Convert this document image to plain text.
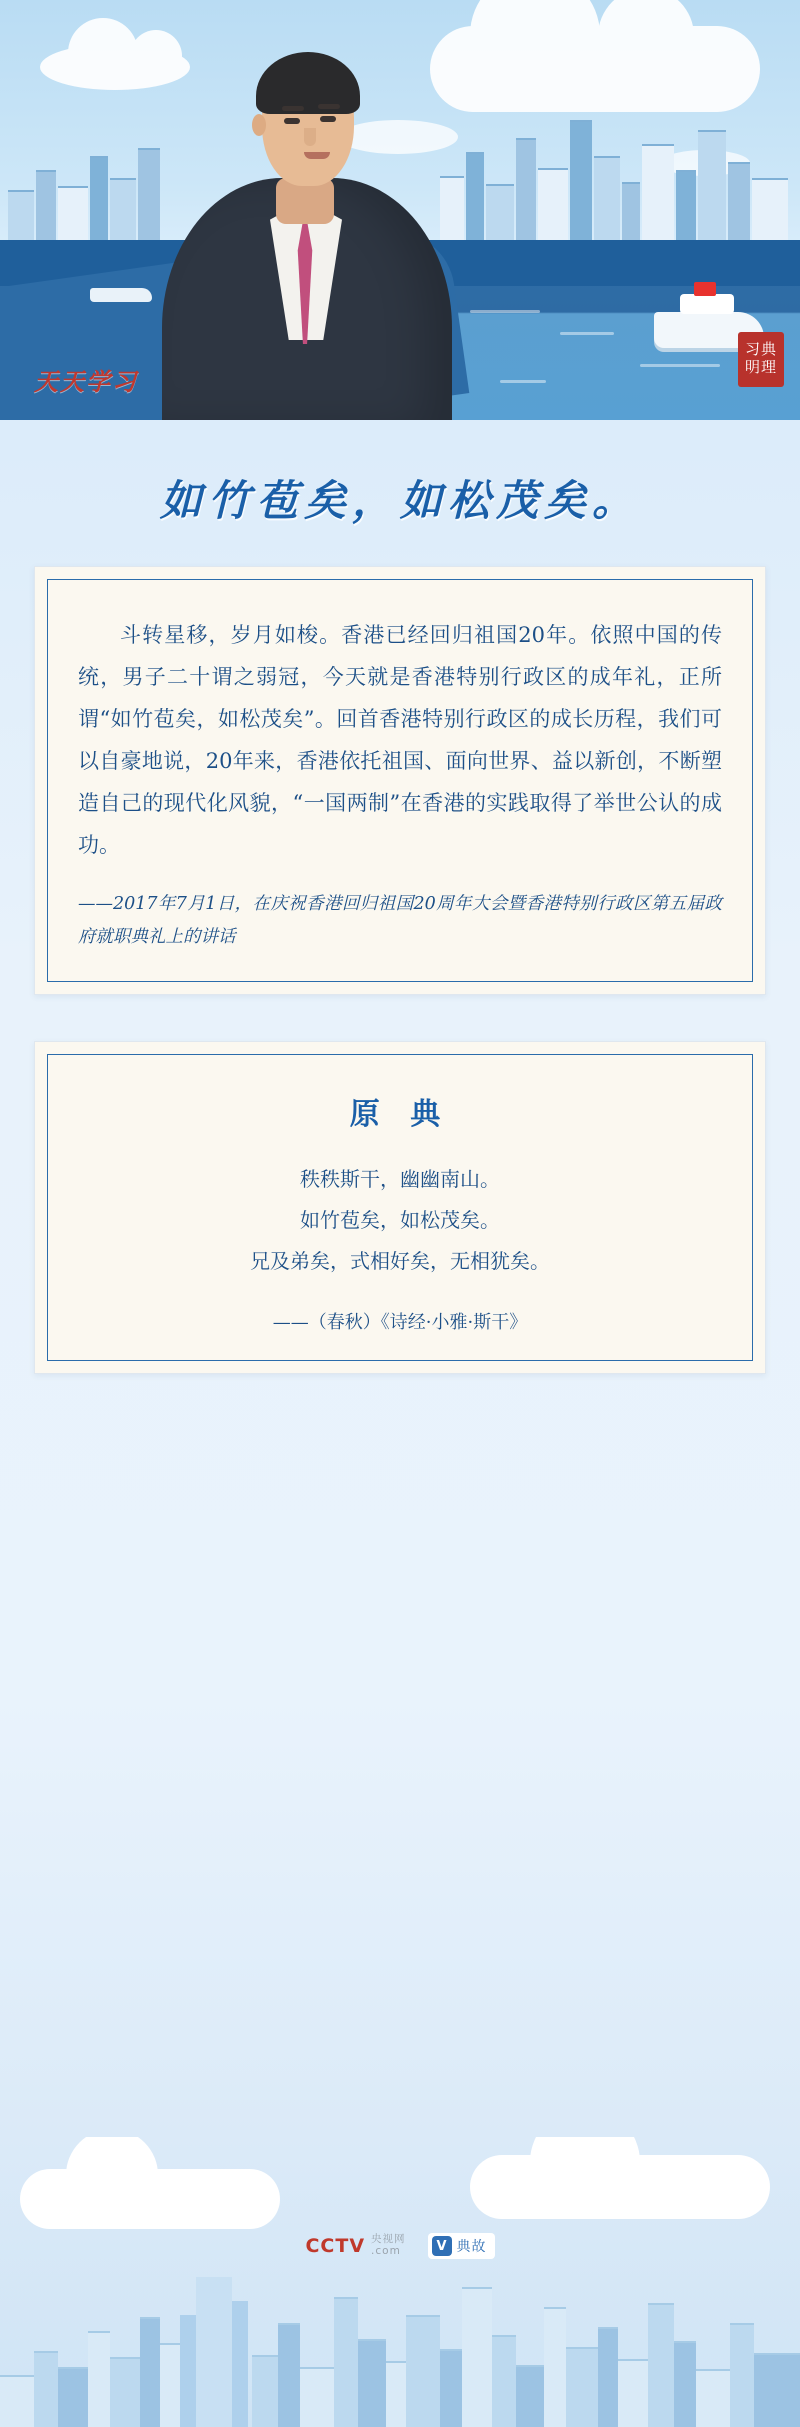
天天学习
习典明理
如竹苞矣，如松茂矣。
斗转星移，岁月如梭。香港已经回归祖国20年。依照中国的传统，男子二十谓之弱冠，今天就是香港特别行政区的成年礼，正所谓“如竹苞矣，如松茂矣”。回首香港特别行政区的成长历程，我们可以自豪地说，20年来，香港依托祖国、面向世界、益以新创，不断塑造自己的现代化风貌，“一国两制”在香港的实践取得了举世公认的成功。
——2017年7月1日，在庆祝香港回归祖国20周年大会暨香港特别行政区第五届政府就职典礼上的讲话
原 典
秩秩斯干，幽幽南山。
如竹苞矣，如松茂矣。
兄及弟矣，式相好矣，无相犹矣。
——（春秋）《诗经·小雅·斯干》
CCTV 央视网
.com	V 典故
